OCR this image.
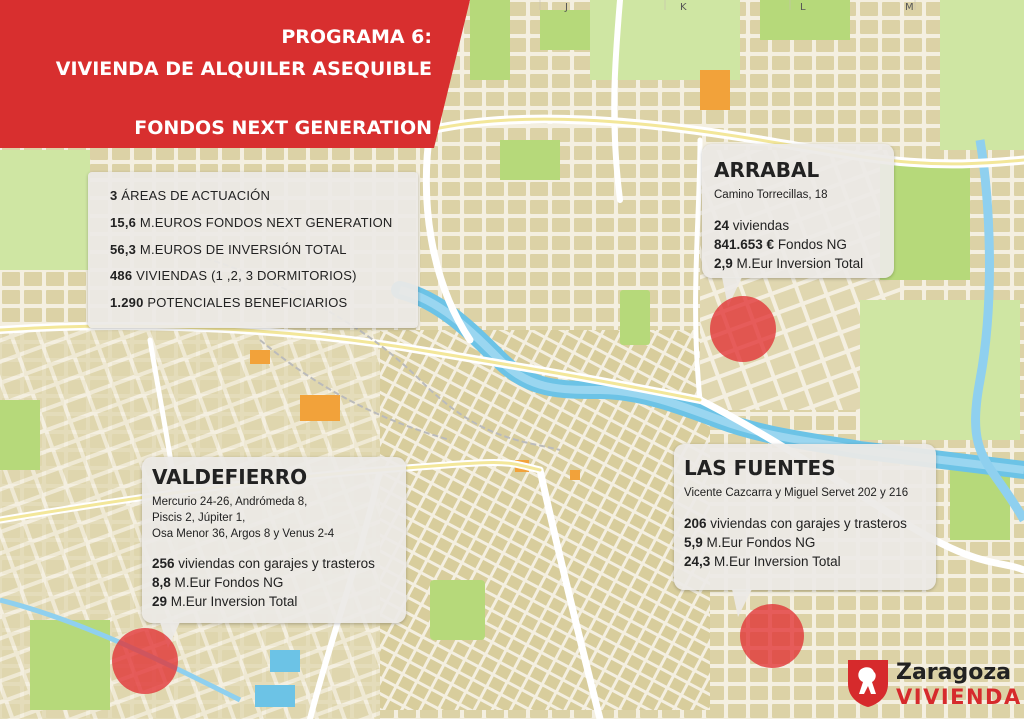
J	K	L	M
PROGRAMA 6:
VIVIENDA DE ALQUILER ASEQUIBLE
FONDOS NEXT GENERATION
3 ÁREAS DE ACTUACIÓN
15,6 M.EUROS FONDOS NEXT GENERATION
56,3 M.EUROS DE INVERSIÓN TOTAL
486 VIVIENDAS (1 ,2, 3 DORMITORIOS)
1.290 POTENCIALES BENEFICIARIOS
ARRABAL
Camino Torrecillas, 18
24 viviendas
841.653 € Fondos NG
2,9 M.Eur Inversion Total
VALDEFIERRO
Mercurio 24-26, Andrómeda 8,
Piscis 2, Júpiter 1,
Osa Menor 36, Argos 8 y Venus 2-4
256 viviendas con garajes y trasteros
8,8 M.Eur Fondos NG
29 M.Eur Inversion Total
LAS FUENTES
Vicente Cazcarra y Miguel Servet 202 y 216
206 viviendas con garajes y trasteros
5,9 M.Eur Fondos NG
24,3 M.Eur Inversion Total
Zaragoza
VIVIENDA
